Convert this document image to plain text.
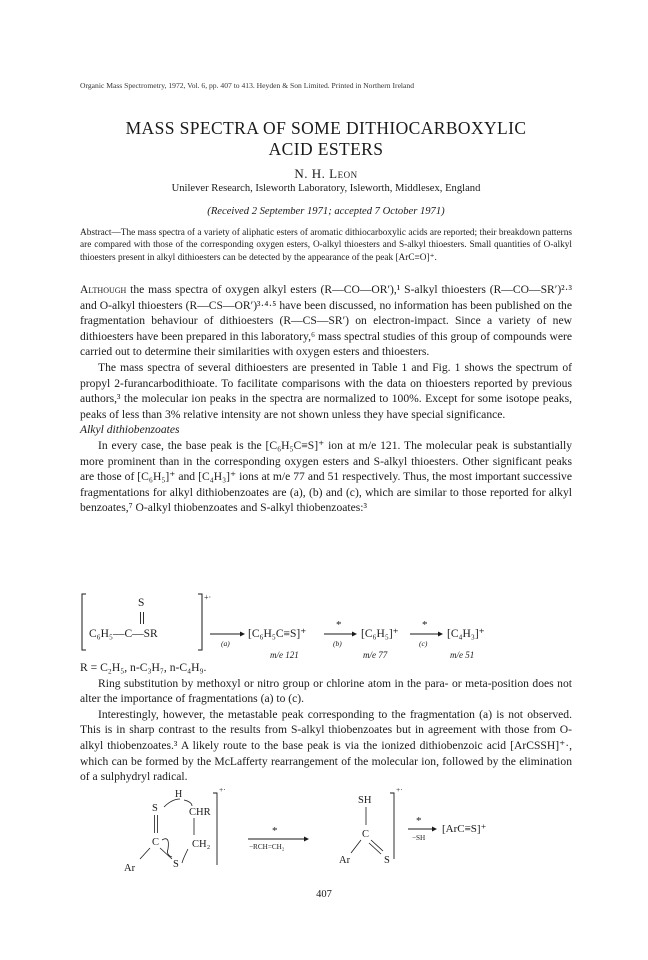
Organic Mass Spectrometry, 1972, Vol. 6, pp. 407 to 413. Heyden & Son Limited. Printed in Northern Ireland
MASS SPECTRA OF SOME DITHIOCARBOXYLIC
ACID ESTERS
N. H. Leon
Unilever Research, Isleworth Laboratory, Isleworth, Middlesex, England
(Received 2 September 1971; accepted 7 October 1971)
Abstract—The mass spectra of a variety of aliphatic esters of aromatic dithiocarboxylic acids are reported; their breakdown patterns are compared with those of the corresponding oxygen esters, O-alkyl thioesters and S-alkyl thioesters. Small quantities of O-alkyl thioesters present in alkyl dithioesters can be detected by the appearance of the peak [ArC≡O]⁺.

Although the mass spectra of oxygen alkyl esters (R—CO—OR′),¹ S-alkyl thioesters (R—CO—SR′)²·³ and O-alkyl thioesters (R—CS—OR′)³·⁴·⁵ have been discussed, no information has been published on the fragmentation behaviour of dithioesters (R—CS—SR′) on electron-impact. Since a variety of new dithioesters have been prepared in this laboratory,⁶ mass spectral studies of this group of compounds were carried out to determine their similarities with oxygen esters and thioesters.

The mass spectra of several dithioesters are presented in Table 1 and Fig. 1 shows the spectrum of propyl 2-furancarbodithioate. To facilitate comparisons with the data on thioesters reported by previous authors,³ the molecular ion peaks in the spectra are normalized to 100%. Except for some isotope peaks, peaks of less than 3% relative intensity are not shown unless they have special significance.

Alkyl dithiobenzoates

In every case, the base peak is the [C₆H₅C≡S]⁺ ion at m/e 121. The molecular peak is substantially more prominent than in the corresponding oxygen esters and S-alkyl thioesters. Other significant peaks are those of [C₆H₅]⁺ and [C₄H₃]⁺ ions at m/e 77 and 51 respectively. Thus, the most important successive fragmentations for alkyl dithiobenzoates are (a), (b) and (c), which are similar to those reported for alkyl benzoates,⁷ O-alkyl thiobenzoates and S-alkyl thiobenzoates:³

+·
S
C₆H₅—C—SR
(a)
[C₆H₅C≡S]⁺
m/e 121
*
(b)
[C₆H₅]⁺
m/e 77
*
(c)
[C₄H₃]⁺
m/e 51

R = C₂H₅, n-C₃H₇, n-C₄H₉.

Ring substitution by methoxyl or nitro group or chlorine atom in the para- or meta-position does not alter the importance of fragmentations (a) to (c).

Interestingly, however, the metastable peak corresponding to the fragmentation (a) is not observed. This is in sharp contrast to the results from S-alkyl thiobenzoates but in agreement with those from O-alkyl thiobenzoates.³ A likely route to the base peak is via the ionized dithiobenzoic acid [ArCSSH]⁺·, which can be formed by the McLafferty rearrangement of the molecular ion, followed by the elimination of a sulphydryl radical.

H
S	CHR
C	CH₂
Ar	S
+·
*
−RCH=CH₂
SH
C
Ar	S
+·
*
−SH
[ArC≡S]⁺
407
